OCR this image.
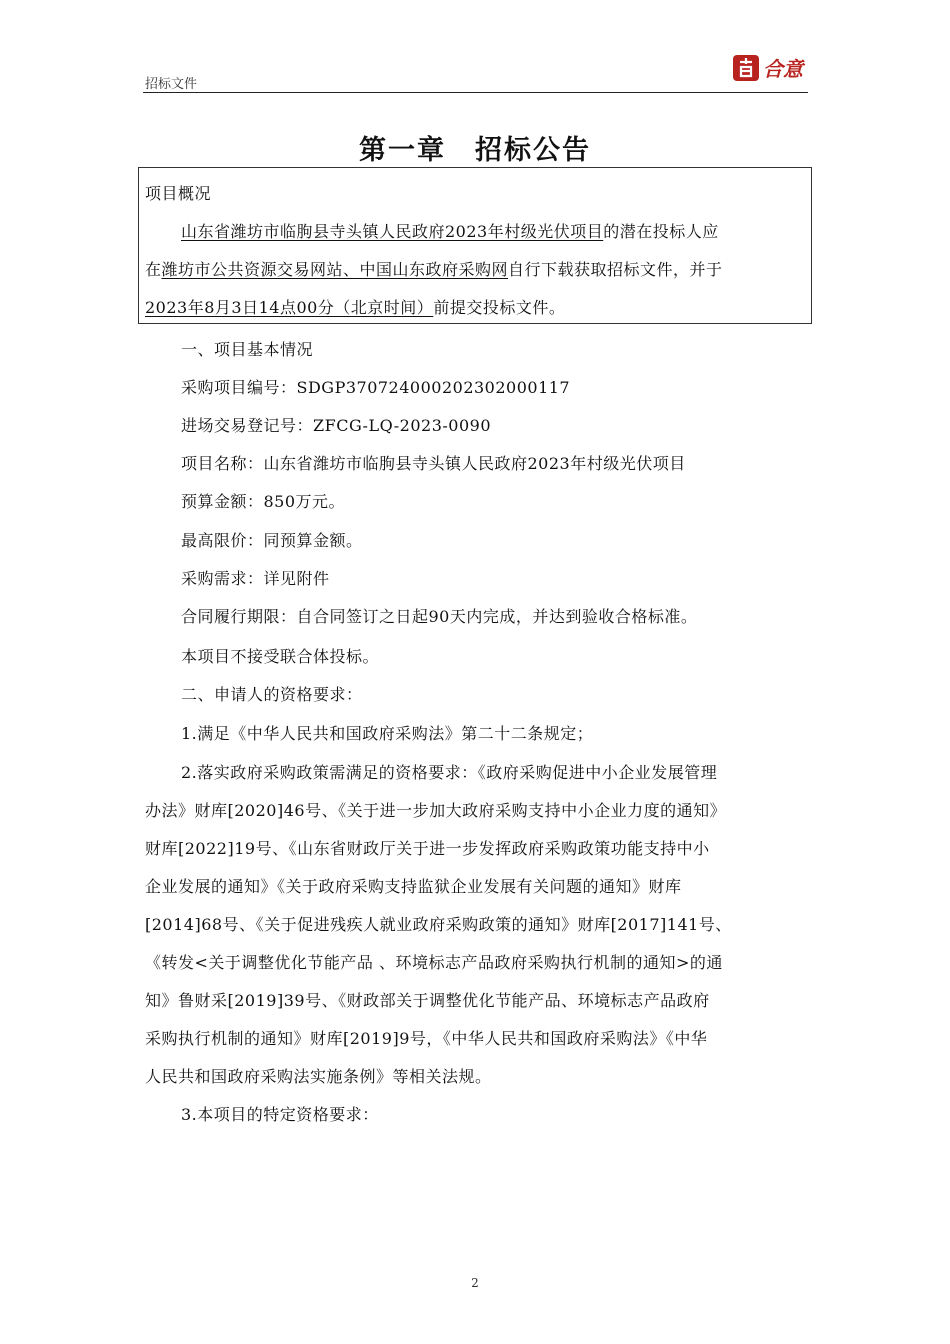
招标文件
合意
第一章　招标公告
项目概况
山东省潍坊市临朐县寺头镇人民政府2023年村级光伏项目的潜在投标人应
在潍坊市公共资源交易网站、中国山东政府采购网自行下载获取招标文件，并于
2023年8月3日14点00分（北京时间）前提交投标文件。
一、项目基本情况
采购项目编号：SDGP370724000202302000117
进场交易登记号：ZFCG-LQ-2023-0090
项目名称：山东省潍坊市临朐县寺头镇人民政府2023年村级光伏项目
预算金额：850万元。
最高限价：同预算金额。
采购需求：详见附件
合同履行期限：自合同签订之日起90天内完成，并达到验收合格标准。
本项目不接受联合体投标。
二、申请人的资格要求：
1.满足《中华人民共和国政府采购法》第二十二条规定；
2.落实政府采购政策需满足的资格要求：《政府采购促进中小企业发展管理
办法》财库[2020]46号、《关于进一步加大政府采购支持中小企业力度的通知》
财库[2022]19号、《山东省财政厅关于进一步发挥政府采购政策功能支持中小
企业发展的通知》《关于政府采购支持监狱企业发展有关问题的通知》财库
[2014]68号、《关于促进残疾人就业政府采购政策的通知》财库[2017]141号、
《转发<关于调整优化节能产品 、环境标志产品政府采购执行机制的通知>的通
知》鲁财采[2019]39号、《财政部关于调整优化节能产品、环境标志产品政府
采购执行机制的通知》财库[2019]9号，《中华人民共和国政府采购法》《中华
人民共和国政府采购法实施条例》等相关法规。
3.本项目的特定资格要求：
2
